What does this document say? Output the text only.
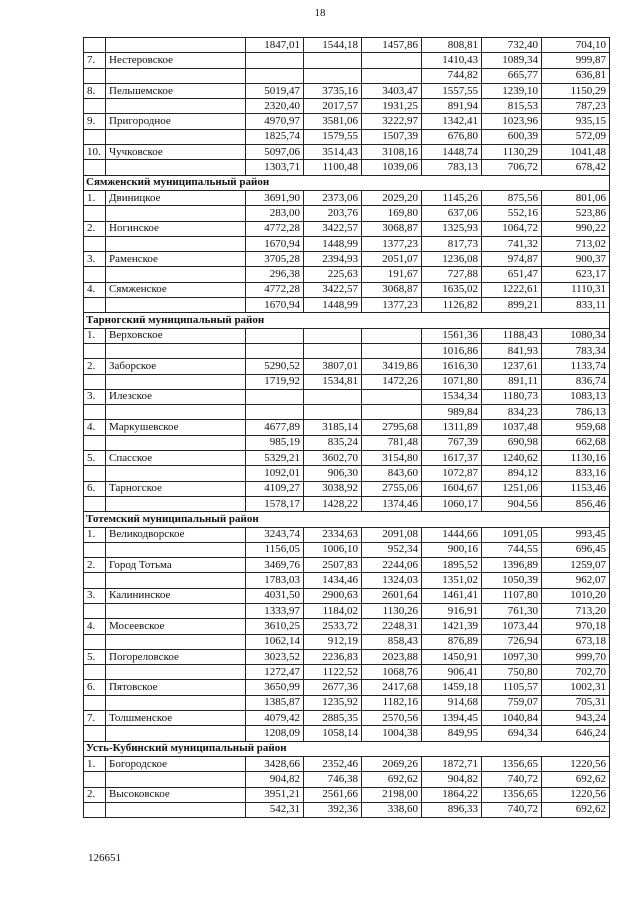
18
		1847,01	1544,18	1457,86	808,81	732,40	704,10
7.	Нестеровское				1410,43	1089,34	999,87
					744,82	665,77	636,81
8.	Пельшемское	5019,47	3735,16	3403,47	1557,55	1239,10	1150,29
		2320,40	2017,57	1931,25	891,94	815,53	787,23
9.	Пригородное	4970,97	3581,06	3222,97	1342,41	1023,96	935,15
		1825,74	1579,55	1507,39	676,80	600,39	572,09
10.	Чучковское	5097,06	3514,43	3108,16	1448,74	1130,29	1041,48
		1303,71	1100,48	1039,06	783,13	706,72	678,42
Сямженский муниципальный район							
1.	Двиницкое	3691,90	2373,06	2029,20	1145,26	875,56	801,06
		283,00	203,76	169,80	637,06	552,16	523,86
2.	Ногинское	4772,28	3422,57	3068,87	1325,93	1064,72	990,22
		1670,94	1448,99	1377,23	817,73	741,32	713,02
3.	Раменское	3705,28	2394,93	2051,07	1236,08	974,87	900,37
		296,38	225,63	191,67	727,88	651,47	623,17
4.	Сямженское	4772,28	3422,57	3068,87	1635,02	1222,61	1110,31
		1670,94	1448,99	1377,23	1126,82	899,21	833,11
Тарногский муниципальный район							
1.	Верховское				1561,36	1188,43	1080,34
					1016,86	841,93	783,34
2.	Заборское	5290,52	3807,01	3419,86	1616,30	1237,61	1133,74
		1719,92	1534,81	1472,26	1071,80	891,11	836,74
3.	Илезское				1534,34	1180,73	1083,13
					989,84	834,23	786,13
4.	Маркушевское	4677,89	3185,14	2795,68	1311,89	1037,48	959,68
		985,19	835,24	781,48	767,39	690,98	662,68
5.	Спасское	5329,21	3602,70	3154,80	1617,37	1240,62	1130,16
		1092,01	906,30	843,60	1072,87	894,12	833,16
6.	Тарногское	4109,27	3038,92	2755,06	1604,67	1251,06	1153,46
		1578,17	1428,22	1374,46	1060,17	904,56	856,46
Тотемский муниципальный район							
1.	Великодворское	3243,74	2334,63	2091,08	1444,66	1091,05	993,45
		1156,05	1006,10	952,34	900,16	744,55	696,45
2.	Город Тотьма	3469,76	2507,83	2244,06	1895,52	1396,89	1259,07
		1783,03	1434,46	1324,03	1351,02	1050,39	962,07
3.	Калининское	4031,50	2900,63	2601,64	1461,41	1107,80	1010,20
		1333,97	1184,02	1130,26	916,91	761,30	713,20
4.	Мосеевское	3610,25	2533,72	2248,31	1421,39	1073,44	970,18
		1062,14	912,19	858,43	876,89	726,94	673,18
5.	Погореловское	3023,52	2236,83	2023,88	1450,91	1097,30	999,70
		1272,47	1122,52	1068,76	906,41	750,80	702,70
6.	Пятовское	3650,99	2677,36	2417,68	1459,18	1105,57	1002,31
		1385,87	1235,92	1182,16	914,68	759,07	705,31
7.	Толшменское	4079,42	2885,35	2570,56	1394,45	1040,84	943,24
		1208,09	1058,14	1004,38	849,95	694,34	646,24
Усть-Кубинский муниципальный район							
1.	Богородское	3428,66	2352,46	2069,26	1872,71	1356,65	1220,56
		904,82	746,38	692,62	904,82	740,72	692,62
2.	Высоковское	3951,21	2561,66	2198,00	1864,22	1356,65	1220,56
		542,31	392,36	338,60	896,33	740,72	692,62
126651
